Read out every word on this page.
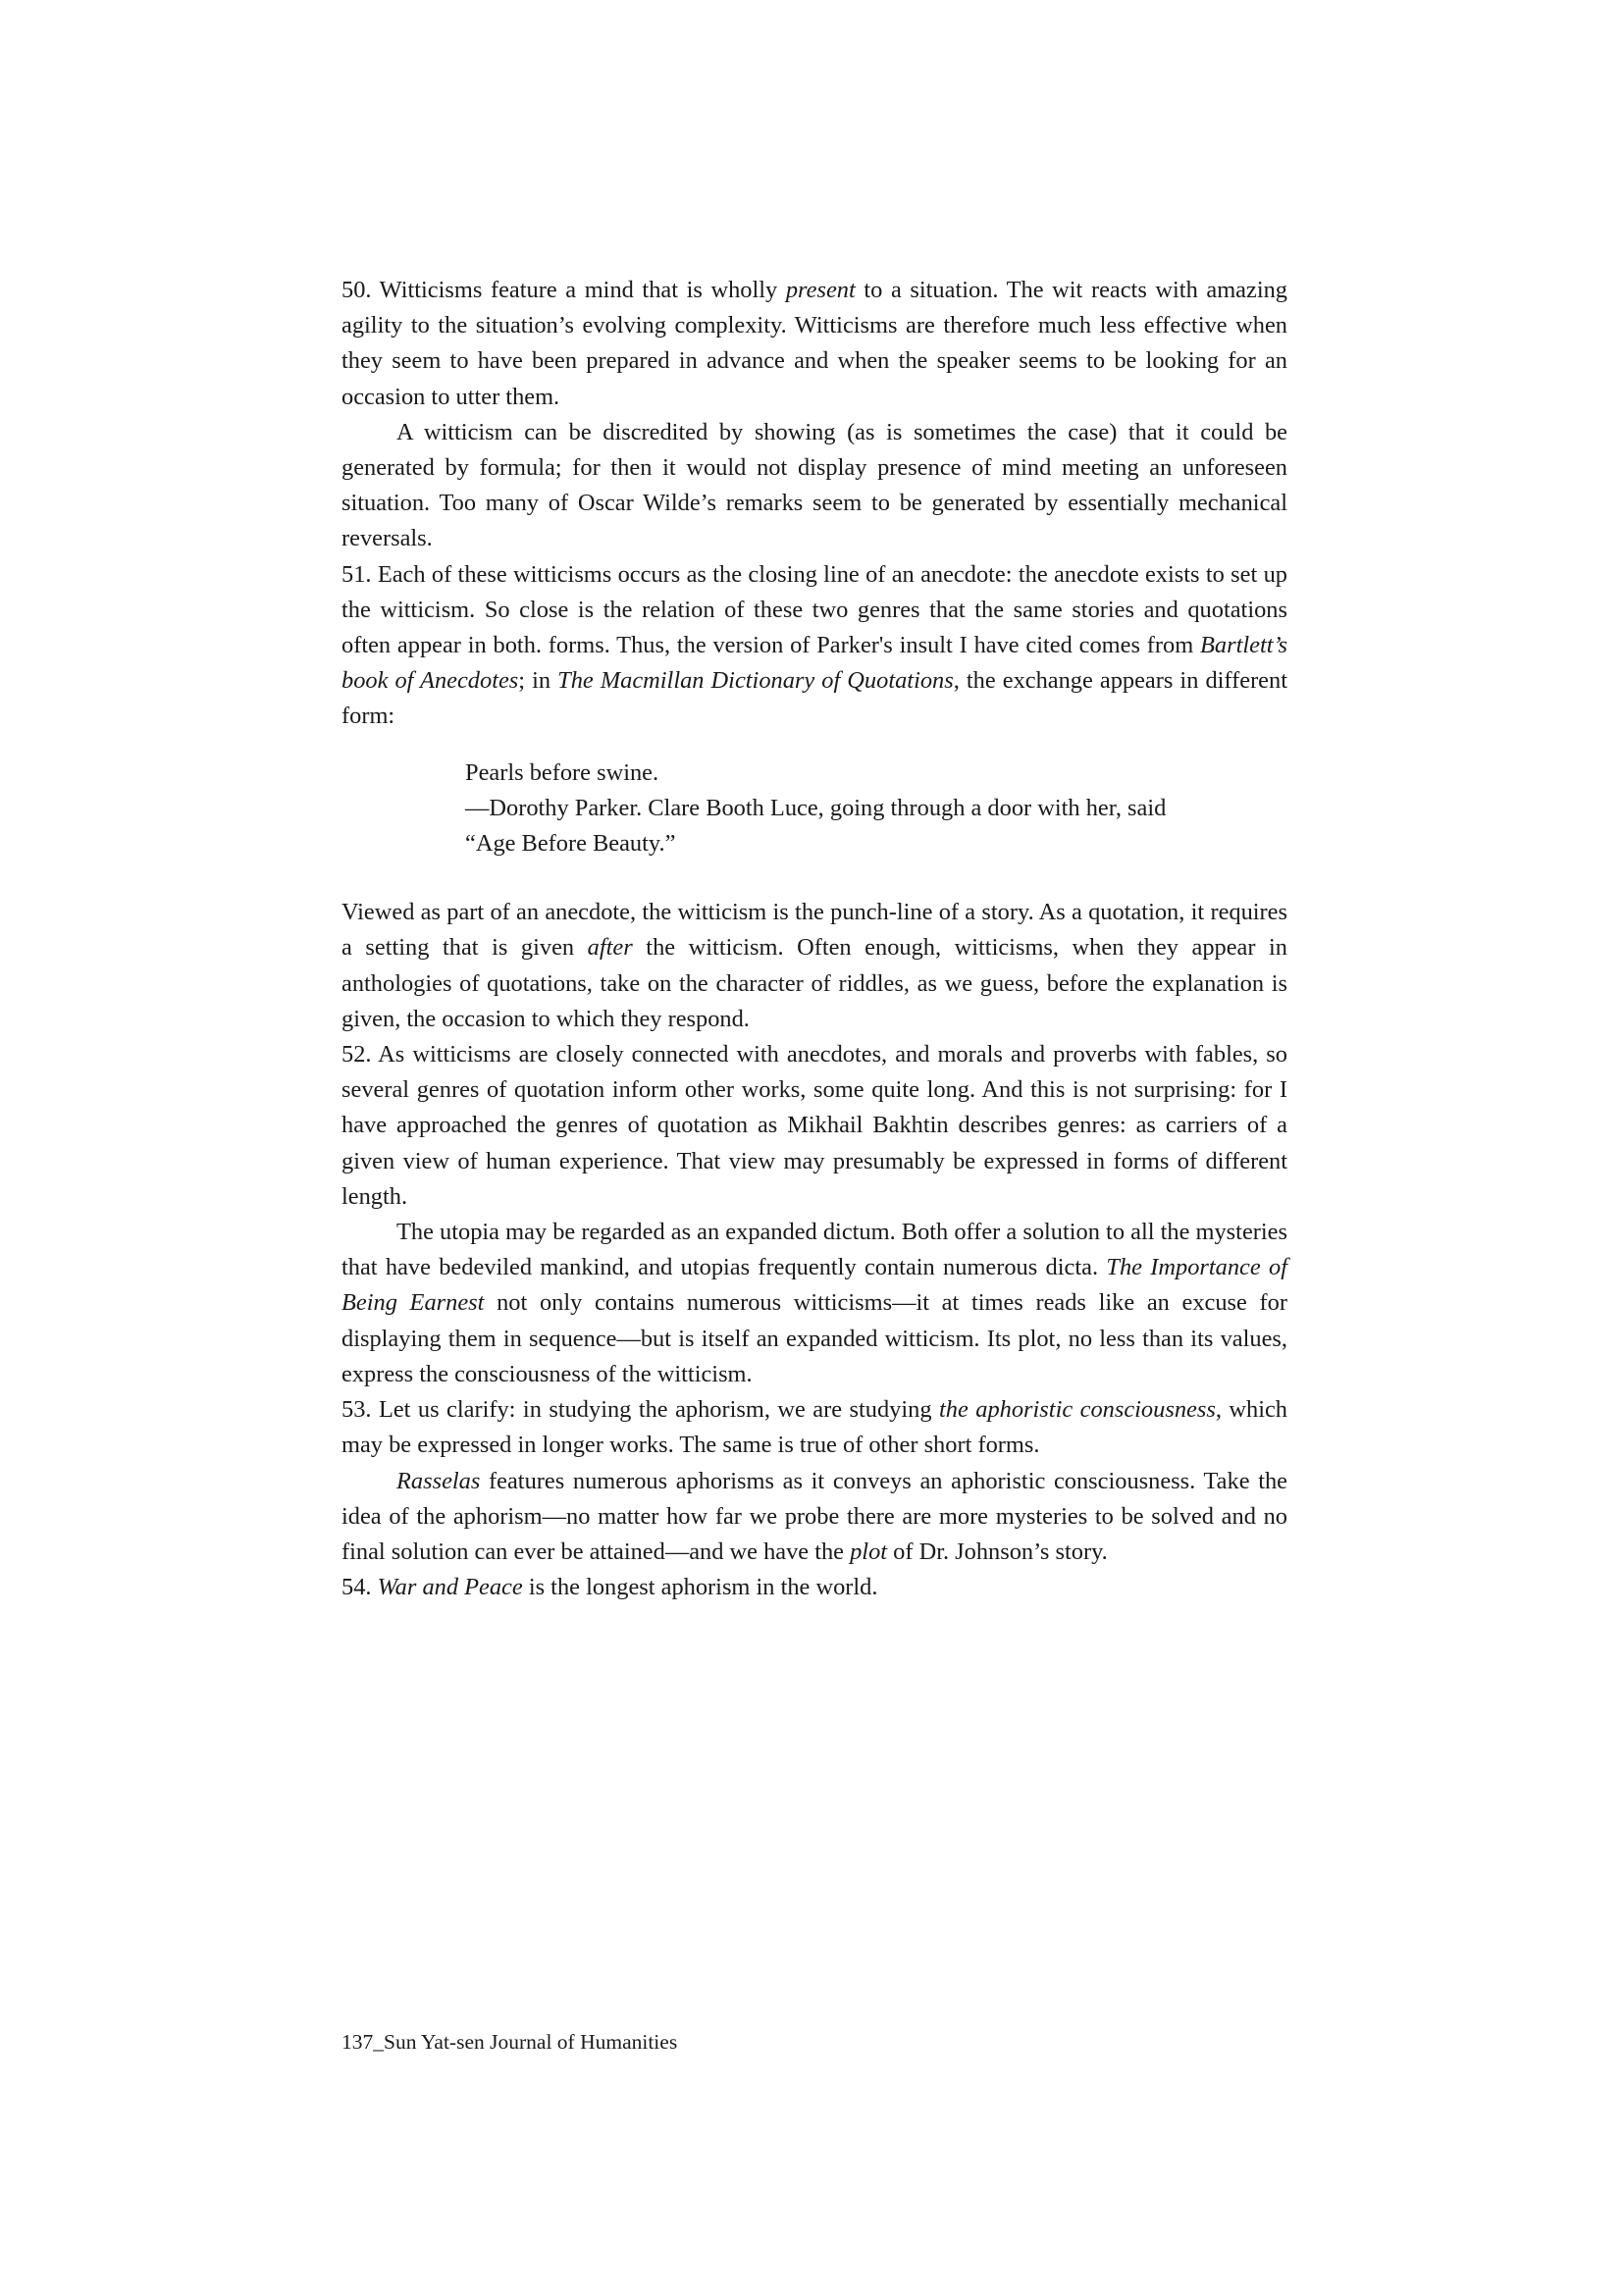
50. Witticisms feature a mind that is wholly present to a situation. The wit reacts with amazing agility to the situation’s evolving complexity. Witticisms are therefore much less effective when they seem to have been prepared in advance and when the speaker seems to be looking for an occasion to utter them.

A witticism can be discredited by showing (as is sometimes the case) that it could be generated by formula; for then it would not display presence of mind meeting an unforeseen situation. Too many of Oscar Wilde’s remarks seem to be generated by essentially mechanical reversals.

51. Each of these witticisms occurs as the closing line of an anecdote: the anecdote exists to set up the witticism. So close is the relation of these two genres that the same stories and quotations often appear in both. forms. Thus, the version of Parker's insult I have cited comes from Bartlett’s book of Anecdotes; in The Macmillan Dictionary of Quotations, the exchange appears in different form:

Pearls before swine.
—Dorothy Parker. Clare Booth Luce, going through a door with her, said “Age Before Beauty.”

Viewed as part of an anecdote, the witticism is the punch-line of a story. As a quotation, it requires a setting that is given after the witticism. Often enough, witticisms, when they appear in anthologies of quotations, take on the character of riddles, as we guess, before the explanation is given, the occasion to which they respond.

52. As witticisms are closely connected with anecdotes, and morals and proverbs with fables, so several genres of quotation inform other works, some quite long. And this is not surprising: for I have approached the genres of quotation as Mikhail Bakhtin describes genres: as carriers of a given view of human experience. That view may presumably be expressed in forms of different length.

The utopia may be regarded as an expanded dictum. Both offer a solution to all the mysteries that have bedeviled mankind, and utopias frequently contain numerous dicta. The Importance of Being Earnest not only contains numerous witticisms—it at times reads like an excuse for displaying them in sequence—but is itself an expanded witticism. Its plot, no less than its values, express the consciousness of the witticism.

53. Let us clarify: in studying the aphorism, we are studying the aphoristic consciousness, which may be expressed in longer works. The same is true of other short forms.

Rasselas features numerous aphorisms as it conveys an aphoristic consciousness. Take the idea of the aphorism—no matter how far we probe there are more mysteries to be solved and no final solution can ever be attained—and we have the plot of Dr. Johnson’s story.

54. War and Peace is the longest aphorism in the world.

137_Sun Yat-sen Journal of Humanities
